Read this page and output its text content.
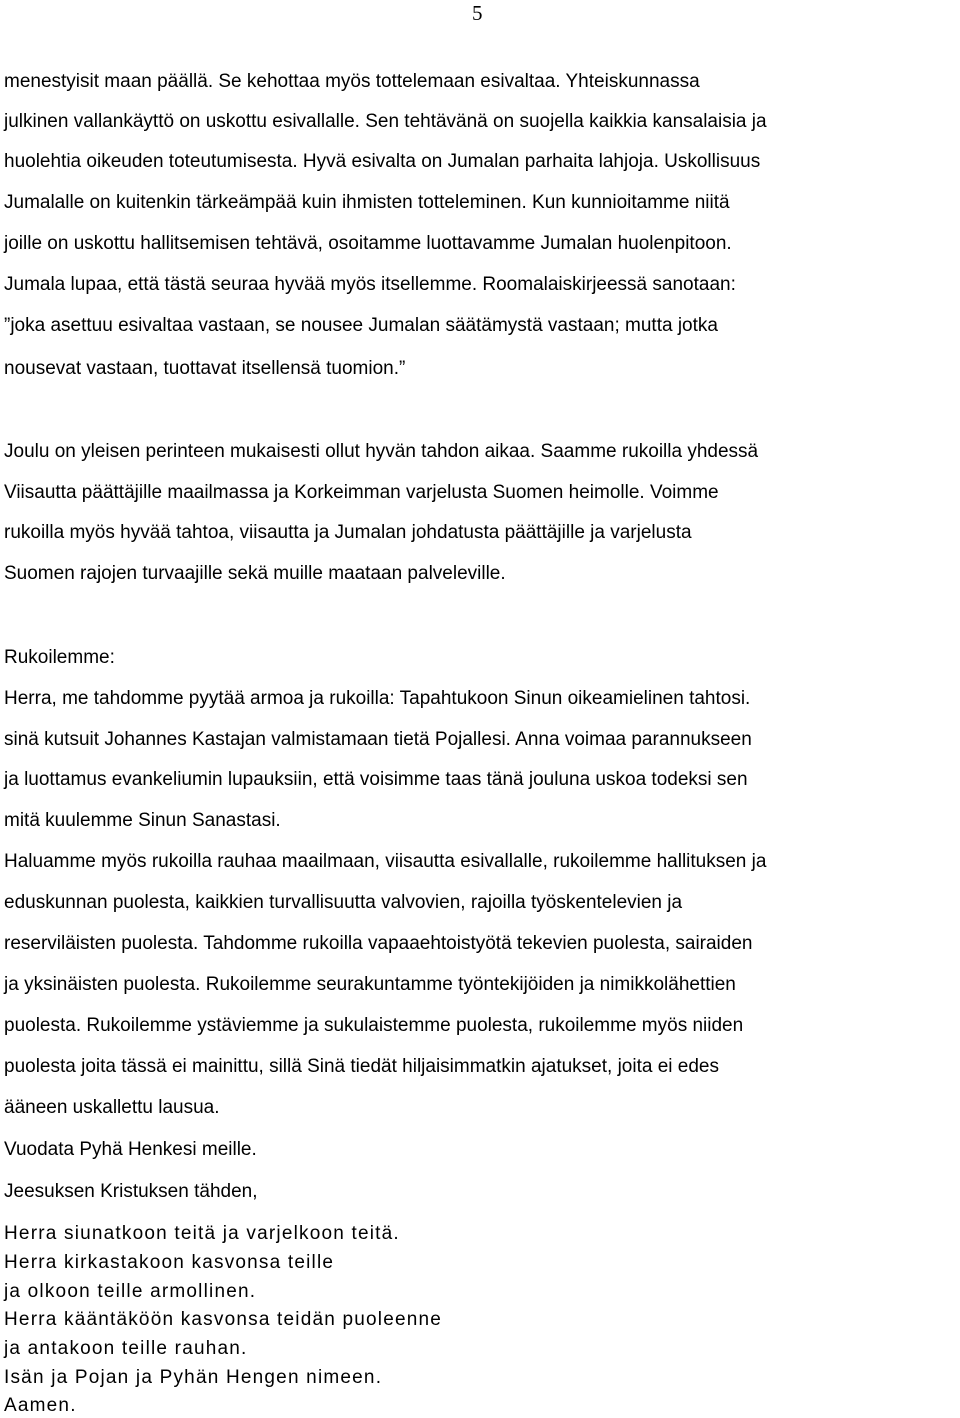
5
menestyisit maan päällä. Se kehottaa myös tottelemaan esivaltaa. Yhteiskunnassa
julkinen vallankäyttö on uskottu esivallalle. Sen tehtävänä on suojella kaikkia kansalaisia ja
huolehtia oikeuden toteutumisesta. Hyvä esivalta on Jumalan parhaita lahjoja. Uskollisuus
Jumalalle on kuitenkin tärkeämpää kuin ihmisten totteleminen. Kun kunnioitamme niitä
joille on uskottu hallitsemisen tehtävä, osoitamme luottavamme Jumalan huolenpitoon.
Jumala lupaa, että tästä seuraa hyvää myös itsellemme. Roomalaiskirjeessä sanotaan:
”joka asettuu esivaltaa vastaan, se nousee Jumalan säätämystä vastaan; mutta jotka
nousevat vastaan, tuottavat itsellensä tuomion.”
Joulu on yleisen perinteen mukaisesti ollut hyvän tahdon aikaa. Saamme rukoilla yhdessä
Viisautta päättäjille maailmassa ja Korkeimman varjelusta Suomen heimolle. Voimme
rukoilla myös hyvää tahtoa, viisautta ja Jumalan johdatusta päättäjille ja varjelusta
Suomen rajojen turvaajille sekä muille maataan palveleville.
Rukoilemme:
Herra, me tahdomme pyytää armoa ja rukoilla: Tapahtukoon Sinun oikeamielinen tahtosi.
sinä kutsuit Johannes Kastajan valmistamaan tietä Pojallesi. Anna voimaa parannukseen
ja luottamus evankeliumin lupauksiin, että voisimme taas tänä jouluna uskoa todeksi sen
mitä kuulemme Sinun Sanastasi.
Haluamme myös rukoilla rauhaa maailmaan, viisautta esivallalle, rukoilemme hallituksen ja
eduskunnan puolesta, kaikkien turvallisuutta valvovien, rajoilla työskentelevien ja
reserviläisten puolesta. Tahdomme rukoilla vapaaehtoistyötä tekevien puolesta, sairaiden
ja yksinäisten puolesta. Rukoilemme seurakuntamme työntekijöiden ja nimikkolähettien
puolesta. Rukoilemme ystäviemme ja sukulaistemme puolesta, rukoilemme myös niiden
puolesta joita tässä ei mainittu, sillä Sinä tiedät hiljaisimmatkin ajatukset, joita ei edes
ääneen uskallettu lausua.
Vuodata Pyhä Henkesi meille.
Jeesuksen Kristuksen tähden,
Herra siunatkoon teitä ja varjelkoon teitä.
Herra kirkastakoon kasvonsa teille
ja olkoon teille armollinen.
Herra kääntäköön kasvonsa teidän puoleenne
ja antakoon teille rauhan.
Isän ja Pojan ja Pyhän Hengen nimeen.
Aamen.
